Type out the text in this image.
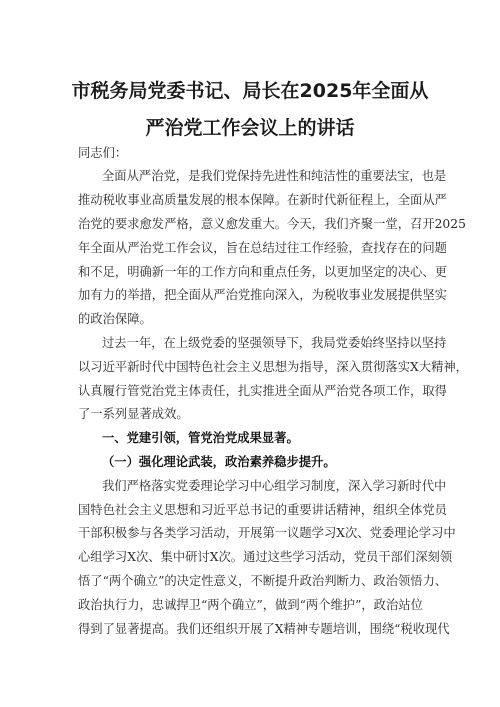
市税务局党委书记、局长在2025年全面从
严治党工作会议上的讲话

同志们：

全面从严治党，是我们党保持先进性和纯洁性的重要法宝，也是

推动税收事业高质量发展的根本保障。在新时代新征程上，全面从严

治党的要求愈发严格，意义愈发重大。今天，我们齐聚一堂，召开2025

年全面从严治党工作会议，旨在总结过往工作经验，查找存在的问题

和不足，明确新一年的工作方向和重点任务，以更加坚定的决心、更

加有力的举措，把全面从严治党推向深入，为税收事业发展提供坚实

的政治保障。

过去一年，在上级党委的坚强领导下，我局党委始终坚持以坚持

以习近平新时代中国特色社会主义思想为指导，深入贯彻落实X大精神，

认真履行管党治党主体责任，扎实推进全面从严治党各项工作，取得

了一系列显著成效。

一、党建引领，管党治党成果显著。

（一）强化理论武装，政治素养稳步提升。

我们严格落实党委理论学习中心组学习制度，深入学习新时代中

国特色社会主义思想和习近平总书记的重要讲话精神，组织全体党员

干部积极参与各类学习活动，开展第一议题学习X次、党委理论学习中

心组学习X次、集中研讨X次。通过这些学习活动，党员干部们深刻领

悟了“两个确立”的决定性意义，不断提升政治判断力、政治领悟力、

政治执行力，忠诚捍卫“两个确立”，做到“两个维护”，政治站位

得到了显著提高。我们还组织开展了X精神专题培训，围绕“税收现代
